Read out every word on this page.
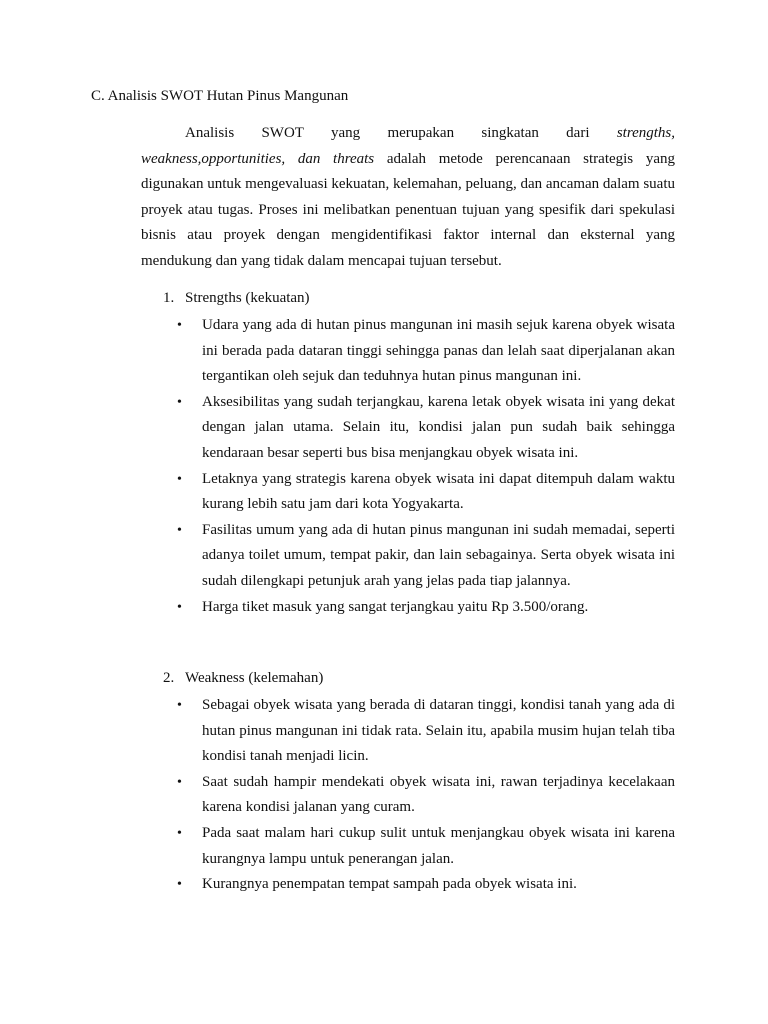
C. Analisis SWOT Hutan Pinus Mangunan

Analisis SWOT yang merupakan singkatan dari strengths, weakness,opportunities, dan threats adalah metode perencanaan strategis yang digunakan untuk mengevaluasi kekuatan, kelemahan, peluang, dan ancaman dalam suatu proyek atau tugas. Proses ini melibatkan penentuan tujuan yang spesifik dari spekulasi bisnis atau proyek dengan mengidentifikasi faktor internal dan eksternal yang mendukung dan yang tidak dalam mencapai tujuan tersebut.

1. Strengths (kekuatan)
•	Udara yang ada di hutan pinus mangunan ini masih sejuk karena obyek wisata ini berada pada dataran tinggi sehingga panas dan lelah saat diperjalanan akan tergantikan oleh sejuk dan teduhnya hutan pinus mangunan ini.
•	Aksesibilitas yang sudah terjangkau, karena letak obyek wisata ini yang dekat dengan jalan utama. Selain itu, kondisi jalan pun sudah baik sehingga kendaraan besar seperti bus bisa menjangkau obyek wisata ini.
•	Letaknya yang strategis karena obyek wisata ini dapat ditempuh dalam waktu kurang lebih satu jam dari kota Yogyakarta.
•	Fasilitas umum yang ada di hutan pinus mangunan ini sudah memadai, seperti adanya toilet umum, tempat pakir, dan lain sebagainya. Serta obyek wisata ini sudah dilengkapi petunjuk arah yang jelas pada tiap jalannya.
•	Harga tiket masuk yang sangat terjangkau yaitu Rp 3.500/orang.
2. Weakness (kelemahan)
•	Sebagai obyek wisata yang berada di dataran tinggi, kondisi tanah yang ada di hutan pinus mangunan ini tidak rata. Selain itu, apabila musim hujan telah tiba kondisi tanah menjadi licin.
•	Saat sudah hampir mendekati obyek wisata ini, rawan terjadinya kecelakaan karena kondisi jalanan yang curam.
•	Pada saat malam hari cukup sulit untuk menjangkau obyek wisata ini karena kurangnya lampu untuk penerangan jalan.
•	Kurangnya penempatan tempat sampah pada obyek wisata ini.
